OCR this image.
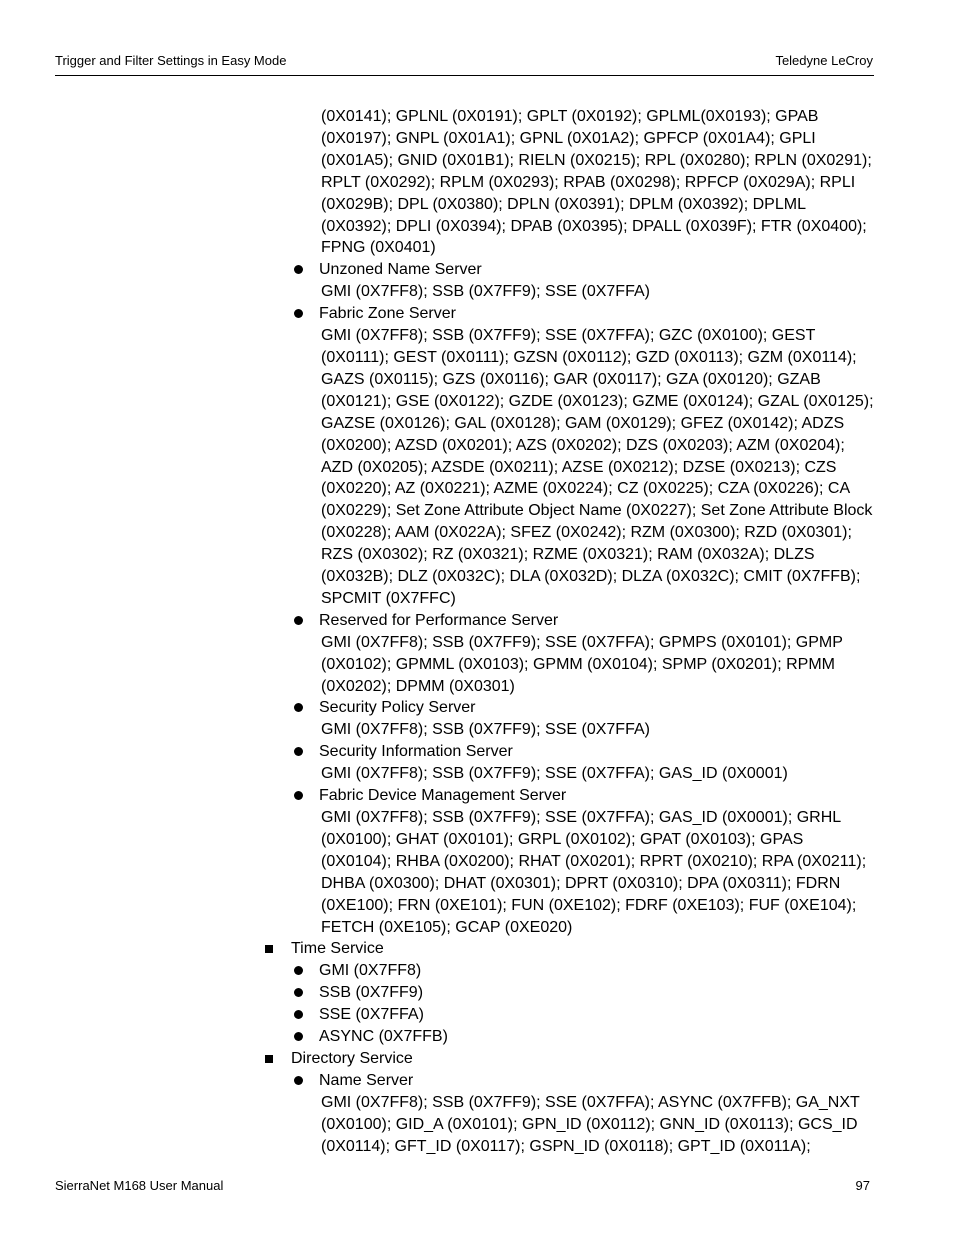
Trigger and Filter Settings in Easy Mode	Teledyne LeCroy
(0X0141); GPLNL (0X0191); GPLT (0X0192); GPLML(0X0193); GPAB (0X0197); GNPL (0X01A1); GPNL (0X01A2); GPFCP (0X01A4); GPLI (0X01A5); GNID (0X01B1); RIELN (0X0215); RPL (0X0280); RPLN (0X0291); RPLT (0X0292); RPLM (0X0293); RPAB (0X0298); RPFCP (0X029A); RPLI (0X029B); DPL (0X0380); DPLN (0X0391); DPLM (0X0392); DPLML (0X0392); DPLI (0X0394); DPAB (0X0395); DPALL (0X039F); FTR (0X0400); FPNG (0X0401)
Unzoned Name Server
GMI (0X7FF8); SSB (0X7FF9); SSE (0X7FFA)
Fabric Zone Server
GMI (0X7FF8); SSB (0X7FF9); SSE (0X7FFA); GZC (0X0100); GEST (0X0111); GEST (0X0111); GZSN (0X0112); GZD (0X0113); GZM (0X0114); GAZS (0X0115); GZS (0X0116); GAR (0X0117); GZA (0X0120); GZAB (0X0121); GSE (0X0122); GZDE (0X0123); GZME (0X0124); GZAL (0X0125); GAZSE (0X0126); GAL (0X0128); GAM (0X0129); GFEZ (0X0142); ADZS (0X0200); AZSD (0X0201); AZS (0X0202); DZS (0X0203); AZM (0X0204); AZD (0X0205); AZSDE (0X0211); AZSE (0X0212); DZSE (0X0213); CZS (0X0220); AZ (0X0221); AZME (0X0224); CZ (0X0225); CZA (0X0226); CA (0X0229); Set Zone Attribute Object Name (0X0227); Set Zone Attribute Block (0X0228); AAM (0X022A); SFEZ (0X0242); RZM (0X0300); RZD (0X0301); RZS (0X0302); RZ (0X0321); RZME (0X0321); RAM (0X032A); DLZS (0X032B); DLZ (0X032C); DLA (0X032D); DLZA (0X032C); CMIT (0X7FFB); SPCMIT (0X7FFC)
Reserved for Performance Server
GMI (0X7FF8); SSB (0X7FF9); SSE (0X7FFA); GPMPS (0X0101); GPMP (0X0102); GPMML (0X0103); GPMM (0X0104); SPMP (0X0201); RPMM (0X0202); DPMM (0X0301)
Security Policy Server
GMI (0X7FF8); SSB (0X7FF9); SSE (0X7FFA)
Security Information Server
GMI (0X7FF8); SSB (0X7FF9); SSE (0X7FFA); GAS_ID (0X0001)
Fabric Device Management Server
GMI (0X7FF8); SSB (0X7FF9); SSE (0X7FFA); GAS_ID (0X0001); GRHL (0X0100); GHAT (0X0101); GRPL (0X0102); GPAT (0X0103); GPAS (0X0104); RHBA (0X0200); RHAT (0X0201); RPRT (0X0210); RPA (0X0211); DHBA (0X0300); DHAT (0X0301); DPRT (0X0310); DPA (0X0311); FDRN (0XE100); FRN (0XE101); FUN (0XE102); FDRF (0XE103); FUF (0XE104); FETCH (0XE105); GCAP (0XE020)
Time Service
GMI (0X7FF8)
SSB (0X7FF9)
SSE (0X7FFA)
ASYNC (0X7FFB)
Directory Service
Name Server
GMI (0X7FF8); SSB (0X7FF9); SSE (0X7FFA); ASYNC (0X7FFB); GA_NXT (0X0100); GID_A (0X0101); GPN_ID (0X0112); GNN_ID (0X0113); GCS_ID (0X0114); GFT_ID (0X0117); GSPN_ID (0X0118); GPT_ID (0X011A);
SierraNet M168 User Manual	97
